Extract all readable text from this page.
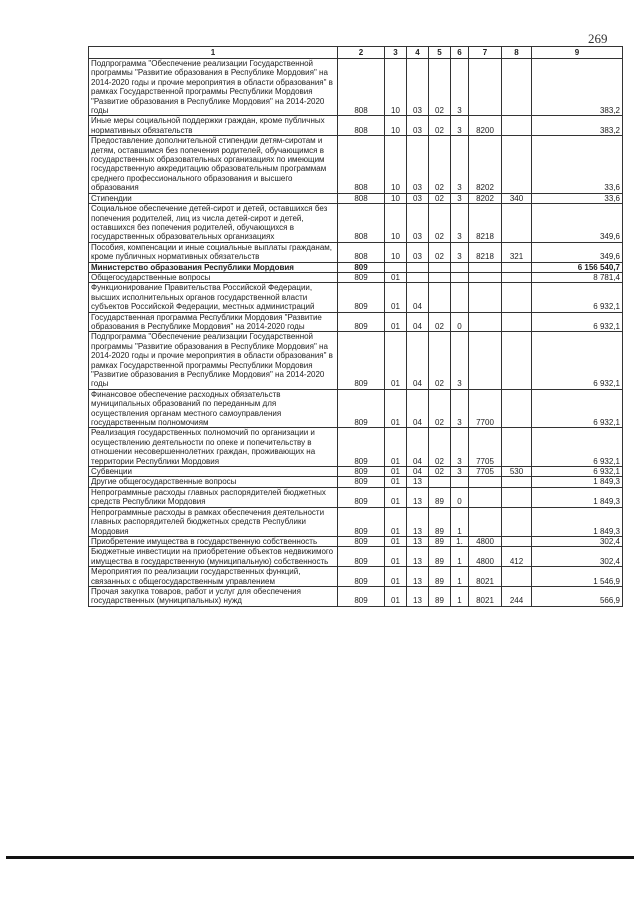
269
1	2	3	4	5	6	7	8	9
Подпрограмма "Обеспечение реализации Государственной программы "Развитие образования в Республике Мордовия" на 2014-2020 годы и прочие мероприятия в области образования" в рамках Государственной программы Республики Мордовия "Развитие образования в Республике Мордовия" на 2014-2020 годы	808	10	03	02	3			383,2
Иные меры социальной поддержки граждан, кроме публичных нормативных обязательств	808	10	03	02	3	8200		383,2
Предоставление дополнительной стипендии детям-сиротам и детям, оставшимся без попечения родителей, обучающимся в государственных образовательных организациях по имеющим государственную аккредитацию образовательным программам среднего профессионального образования и высшего образования	808	10	03	02	3	8202		33,6
Стипендии	808	10	03	02	3	8202	340	33,6
Социальное обеспечение детей-сирот и детей, оставшихся без попечения родителей, лиц из числа детей-сирот и детей, оставшихся без попечения родителей, обучающихся в государственных образовательных организациях	808	10	03	02	3	8218		349,6
Пособия, компенсации и иные социальные выплаты гражданам, кроме публичных нормативных обязательств	808	10	03	02	3	8218	321	349,6
Министерство образования Республики Мордовия	809							6 156 540,7
Общегосударственные вопросы	809	01						8 781,4
Функционирование Правительства Российской Федерации, высших исполнительных органов государственной власти субъектов Российской Федерации, местных администраций	809	01	04					6 932,1
Государственная программа Республики Мордовия "Развитие образования в Республике Мордовия" на 2014-2020 годы	809	01	04	02	0			6 932,1
Подпрограмма "Обеспечение реализации Государственной программы "Развитие образования в Республике Мордовия" на 2014-2020 годы и прочие мероприятия в области образования" в рамках Государственной программы Республики Мордовия "Развитие образования в Республике Мордовия" на 2014-2020 годы	809	01	04	02	3			6 932,1
Финансовое обеспечение расходных обязательств муниципальных образований по переданным для осуществления органам местного самоуправления государственным полномочиям	809	01	04	02	3	7700		6 932,1
Реализация государственных полномочий по организации и осуществлению деятельности по опеке и попечительству в отношении несовершеннолетних граждан, проживающих на территории Республики Мордовия	809	01	04	02	3	7705		6 932,1
Субвенции	809	01	04	02	3	7705	530	6 932,1
Другие общегосударственные вопросы	809	01	13					1 849,3
Непрограммные расходы главных распорядителей бюджетных средств Республики Мордовия	809	01	13	89	0			1 849,3
Непрограммные расходы в рамках обеспечения деятельности главных распорядителей бюджетных средств Республики Мордовия	809	01	13	89	1			1 849,3
Приобретение имущества в государственную собственность	809	01	13	89	1.	4800		302,4
Бюджетные инвестиции на приобретение объектов недвижимого имущества в государственную (муниципальную) собственность	809	01	13	89	1	4800	412	302,4
Мероприятия по реализации государственных функций, связанных с общегосударственным управлением	809	01	13	89	1	8021		1 546,9
Прочая закупка товаров, работ и услуг для обеспечения государственных (муниципальных) нужд	809	01	13	89	1	8021	244	566,9
